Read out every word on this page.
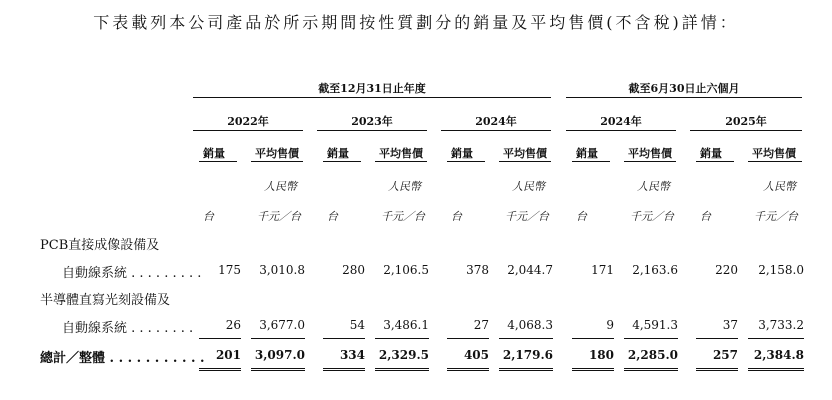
下表載列本公司產品於所示期間按性質劃分的銷量及平均售價(不含稅)詳情：
截至12月31日止年度	截至6月30日止六個月
2022年	2023年	2024年	2024年	2025年
銷量	平均售價	銷量	平均售價	銷量	平均售價	銷量	平均售價	銷量	平均售價
人民幣	人民幣	人民幣	人民幣	人民幣
台	千元／台 台	千元／台 台	千元／台 台	千元／台 台	千元／台
PCB直接成像設備及
自動線系統 . . . . . . . . .	175	3,010.8	280	2,106.5	378	2,044.7	171	2,163.6	220	2,158.0
半導體直寫光刻設備及
自動線系統 . . . . . . . .	26	3,677.0	54	3,486.1	27	4,068.3	9	4,591.3	37	3,733.2
總計／整體 . . . . . . . . . . . 201	3,097.0	334	2,329.5	405	2,179.6	180	2,285.0	257	2,384.8
